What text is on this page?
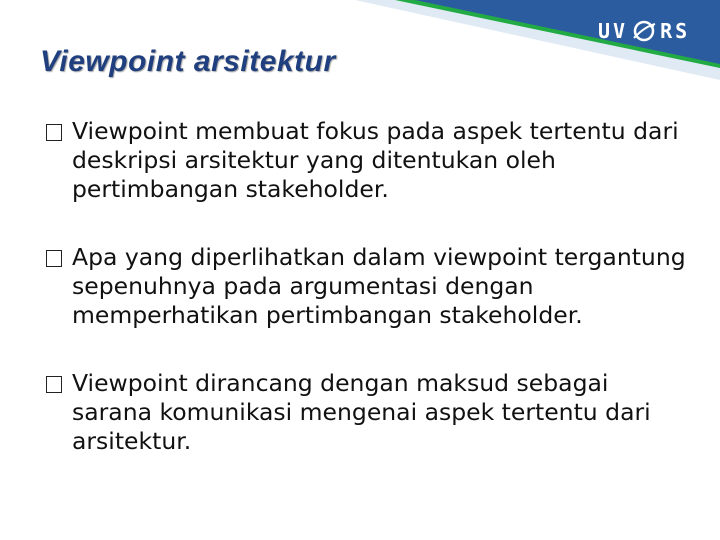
UV RS
Viewpoint arsitektur
Viewpoint membuat fokus pada aspek tertentu dari deskripsi arsitektur yang ditentukan oleh pertimbangan stakeholder.
Apa yang diperlihatkan dalam viewpoint tergantung sepenuhnya pada argumentasi dengan memperhatikan pertimbangan stakeholder.
Viewpoint dirancang dengan maksud sebagai sarana komunikasi mengenai aspek tertentu dari arsitektur.
